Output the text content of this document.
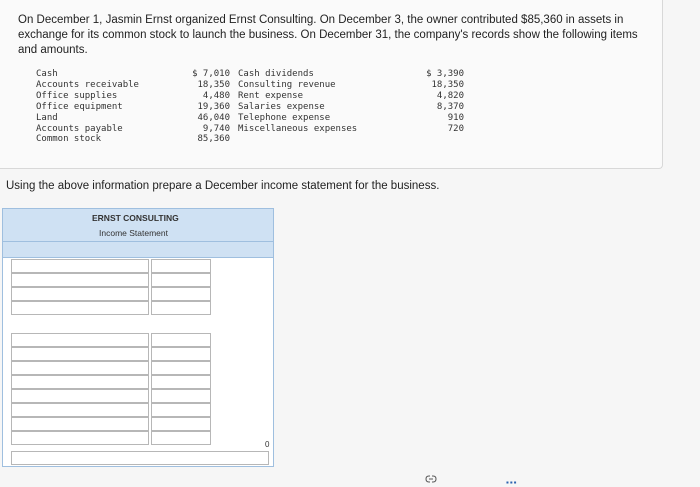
On December 1, Jasmin Ernst organized Ernst Consulting. On December 3, the owner contributed $85,360 in assets in exchange for its common stock to launch the business. On December 31, the company's records show the following items and amounts.
Cash
Accounts receivable
Office supplies
Office equipment
Land
Accounts payable
Common stock
$ 7,010
18,350
4,480
19,360
46,040
9,740
85,360
Cash dividends
Consulting revenue
Rent expense
Salaries expense
Telephone expense
Miscellaneous expenses
$ 3,390
18,350
4,820
8,370
910
720
Using the above information prepare a December income statement for the business.
ERNST CONSULTING
Income Statement
0
▪▪▪
